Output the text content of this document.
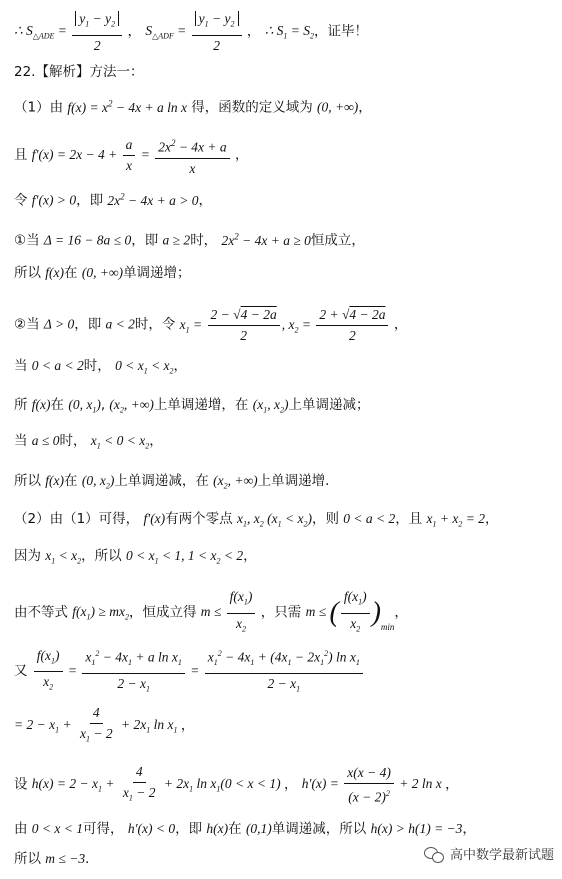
∴ $S_{\triangle ADE} = \frac{y_1 - y_2}{2}$ ， $S_{\triangle ADF} = \frac{y_1 - y_2}{2}$ ， ∴ $S_1 = S_2$，证毕！
22.【解析】方法一：
（1）由 $f(x) = x^2 - 4x + a$ ln x 得，函数的定义域为 (0, +∞)，
且 $f'(x) = 2x - 4 + \frac{a}{x} = \frac{2x^2 - 4x + a}{x}$ ，
令 f′(x) > 0，即 $2x^2 - 4x + a > 0$，
①当 Δ = 16 − 8a ≤ 0，即 a ≥ 2时， $2x^2 - 4x + a \ge 0$恒成立，
所以 f(x)在 (0, +∞)单调递增；
②当 Δ > 0，即 a < 2时，令 $x_1 = \frac{2 - √4 - 2a}{2}$ , $x_2 = \frac{2 + √4 - 2a}{2}$ ，
当 0 < a < 2时， $0 < x_1 < x_2$，
所 f(x)在 (0, $x_1$), ($x_2$, +∞)上单调递增，在 ($x_1$, $x_2$)上单调递减；
当 a ≤ 0时， $x_1 < 0 < x_2$，
所以 f(x)在 (0, $x_2$)上单调递减，在 ($x_2$, +∞)上单调递增．
（2）由（1）可得， f′(x)有两个零点 $x_1$, $x_2$ $(x_1 < x_2)$，则 0 < a < 2，且 $x_1 + x_2 = 2$，
因为 $x_1 < x_2$，所以 $0 < x_1 < 1$, $1 < x_2 < 2$，
由不等式 $f(x_1) \ge mx_2$，恒成立得 $m \le \frac{f(x_1)}{x_2}$ ，只需 m ≤ ( $\frac{f(x_1)}{x_2} )_{min}$，
又 $\frac{f(x_1)}{x_2} = \frac{x_1^2 - 4x_1 + a \ln x_1}{2 - x_1} = \frac{x_1^2 - 4x_1 + (4x_1 - 2x_1^2) \ln x_1}{2 - x_1}$
= $2 - x_1 + \frac{4}{x_1 - 2} + 2x_1$ $\ln x_1$ ，
设 $h(x) = 2 - x_1 + \frac{4}{x_1 - 2} + 2x_1$ $\ln x_1(0 < x < 1)$ ， $h'(x) = \frac{x(x - 4)}{(x - 2)^2} + 2$ ln x ，
由 0 < x < 1可得， h′(x) < 0，即 h(x)在 (0,1)单调递减，所以 h(x) > h(1) = −3，
所以 m ≤ −3．	高中数学最新试题
